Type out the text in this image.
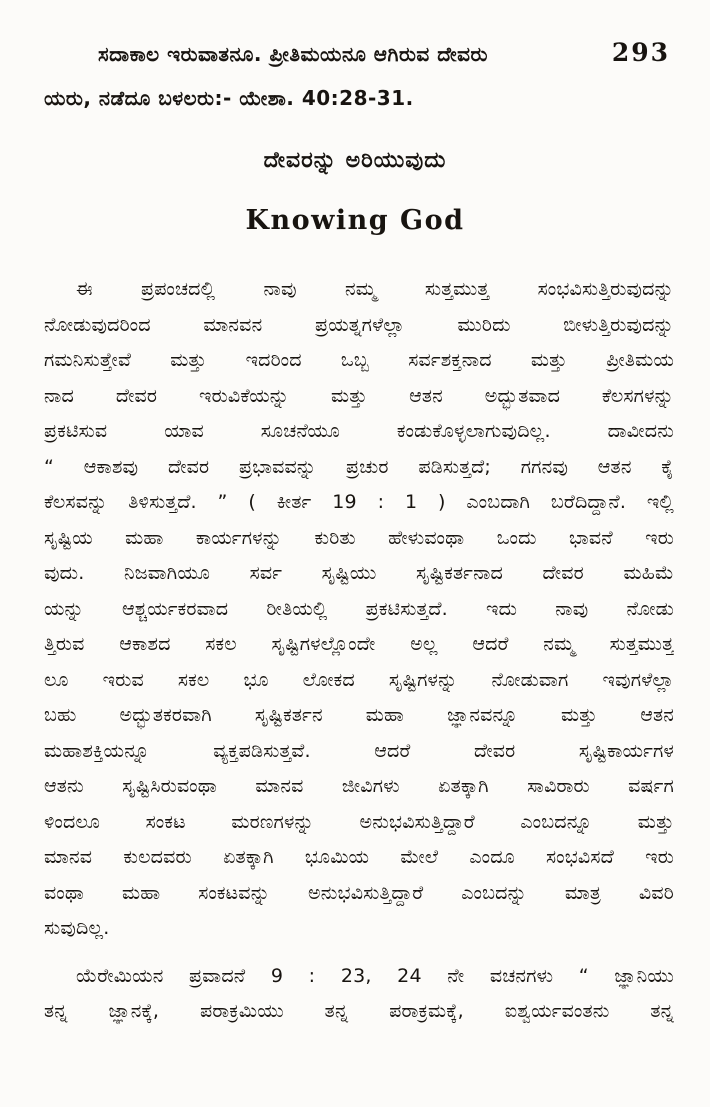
ಸದಾಕಾಲ ಇರುವಾತನೂ. ಪ್ರೀತಿಮಯನೂ ಆಗಿರುವ ದೇವರು	293
ಯರು, ನಡೆದೂ ಬಳಲರು:- ಯೇಶಾ. 40:28-31.
ದೇವರನ್ನು ಅರಿಯುವುದು
Knowing God
ಈ ಪ್ರಪಂಚದಲ್ಲಿ ನಾವು ನಮ್ಮ ಸುತ್ತಮುತ್ತ ಸಂಭವಿಸುತ್ತಿರುವುದನ್ನು
ನೋಡುವುದರಿಂದ ಮಾನವನ ಪ್ರಯತ್ನಗಳೆಲ್ಲಾ ಮುರಿದು ಬೀಳುತ್ತಿರುವುದನ್ನು
ಗಮನಿಸುತ್ತೇವೆ ಮತ್ತು ಇದರಿಂದ ಒಬ್ಬ ಸರ್ವಶಕ್ತನಾದ ಮತ್ತು ಪ್ರೀತಿಮಯ
ನಾದ ದೇವರ ಇರುವಿಕೆಯನ್ನು ಮತ್ತು ಆತನ ಅದ್ಭುತವಾದ ಕೆಲಸಗಳನ್ನು
ಪ್ರಕಟಿಸುವ ಯಾವ ಸೂಚನೆಯೂ ಕಂಡುಕೊಳ್ಳಲಾಗುವುದಿಲ್ಲ. ದಾವೀದನು
“ ಆಕಾಶವು ದೇವರ ಪ್ರಭಾವವನ್ನು ಪ್ರಚುರ ಪಡಿಸುತ್ತದೆ; ಗಗನವು ಆತನ ಕೈ
ಕೆಲಸವನ್ನು ತಿಳಿಸುತ್ತದೆ. ” ( ಕೀರ್ತ 19 : 1 ) ಎಂಬದಾಗಿ ಬರೆದಿದ್ದಾನೆ. ಇಲ್ಲಿ
ಸೃಷ್ಟಿಯ ಮಹಾ ಕಾರ್ಯಗಳನ್ನು ಕುರಿತು ಹೇಳುವಂಥಾ ಒಂದು ಭಾವನೆ ಇರು
ವುದು. ನಿಜವಾಗಿಯೂ ಸರ್ವ ಸೃಷ್ಟಿಯು ಸೃಷ್ಟಿಕರ್ತನಾದ ದೇವರ ಮಹಿಮೆ
ಯನ್ನು ಆಶ್ಚರ್ಯಕರವಾದ ರೀತಿಯಲ್ಲಿ ಪ್ರಕಟಿಸುತ್ತದೆ. ಇದು ನಾವು ನೋಡು
ತ್ತಿರುವ ಆಕಾಶದ ಸಕಲ ಸೃಷ್ಟಿಗಳಲ್ಲೊಂದೇ ಅಲ್ಲ ಆದರೆ ನಮ್ಮ ಸುತ್ತಮುತ್ತ
ಲೂ ಇರುವ ಸಕಲ ಭೂ ಲೋಕದ ಸೃಷ್ಟಿಗಳನ್ನು ನೋಡುವಾಗ ಇವುಗಳೆಲ್ಲಾ
ಬಹು ಅದ್ಭುತಕರವಾಗಿ ಸೃಷ್ಟಿಕರ್ತನ ಮಹಾ ಜ್ಞಾನವನ್ನೂ ಮತ್ತು ಆತನ
ಮಹಾಶಕ್ತಿಯನ್ನೂ ವ್ಯಕ್ತಪಡಿಸುತ್ತವೆ. ಆದರೆ ದೇವರ ಸೃಷ್ಟಿಕಾರ್ಯಗಳ
ಆತನು ಸೃಷ್ಟಿಸಿರುವಂಥಾ ಮಾನವ ಜೀವಿಗಳು ಏತಕ್ಕಾಗಿ ಸಾವಿರಾರು ವರ್ಷಗ
ಳಿಂದಲೂ ಸಂಕಟ ಮರಣಗಳನ್ನು ಅನುಭವಿಸುತ್ತಿದ್ದಾರೆ ಎಂಬದನ್ನೂ ಮತ್ತು
ಮಾನವ ಕುಲದವರು ಏತಕ್ಕಾಗಿ ಭೂಮಿಯ ಮೇಲೆ ಎಂದೂ ಸಂಭವಿಸದೆ ಇರು
ವಂಥಾ ಮಹಾ ಸಂಕಟವನ್ನು ಅನುಭವಿಸುತ್ತಿದ್ದಾರೆ ಎಂಬದನ್ನು ಮಾತ್ರ ವಿವರಿ
ಸುವುದಿಲ್ಲ.
ಯೆರೇಮಿಯನ ಪ್ರವಾದನೆ 9 : 23, 24 ನೇ ವಚನಗಳು “ ಜ್ಞಾನಿಯು
ತನ್ನ ಜ್ಞಾನಕ್ಕೆ, ಪರಾಕ್ರಮಿಯು ತನ್ನ ಪರಾಕ್ರಮಕ್ಕೆ, ಐಶ್ವರ್ಯವಂತನು ತನ್ನ
